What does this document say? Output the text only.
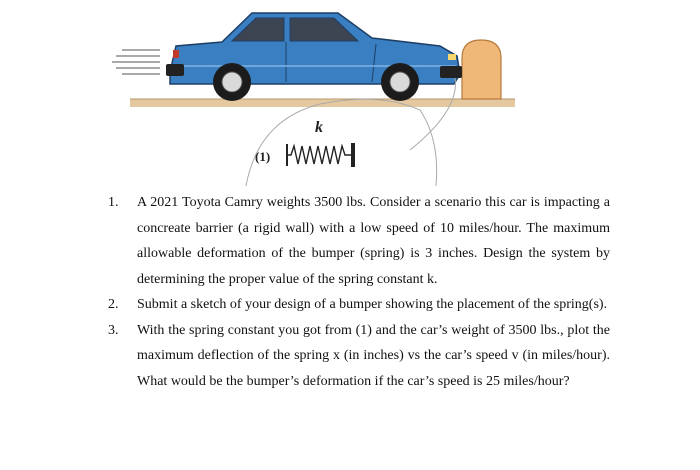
k
(1)
1. A 2021 Toyota Camry weights 3500 lbs. Consider a scenario this car is impacting a concreate barrier (a rigid wall) with a low speed of 10 miles/hour. The maximum allowable deformation of the bumper (spring) is 3 inches. Design the system by determining the proper value of the spring constant k.
2. Submit a sketch of your design of a bumper showing the placement of the spring(s).
3. With the spring constant you got from (1) and the car’s weight of 3500 lbs., plot the maximum deflection of the spring x (in inches) vs the car’s speed v (in miles/hour). What would be the bumper’s deformation if the car’s speed is 25 miles/hour?
